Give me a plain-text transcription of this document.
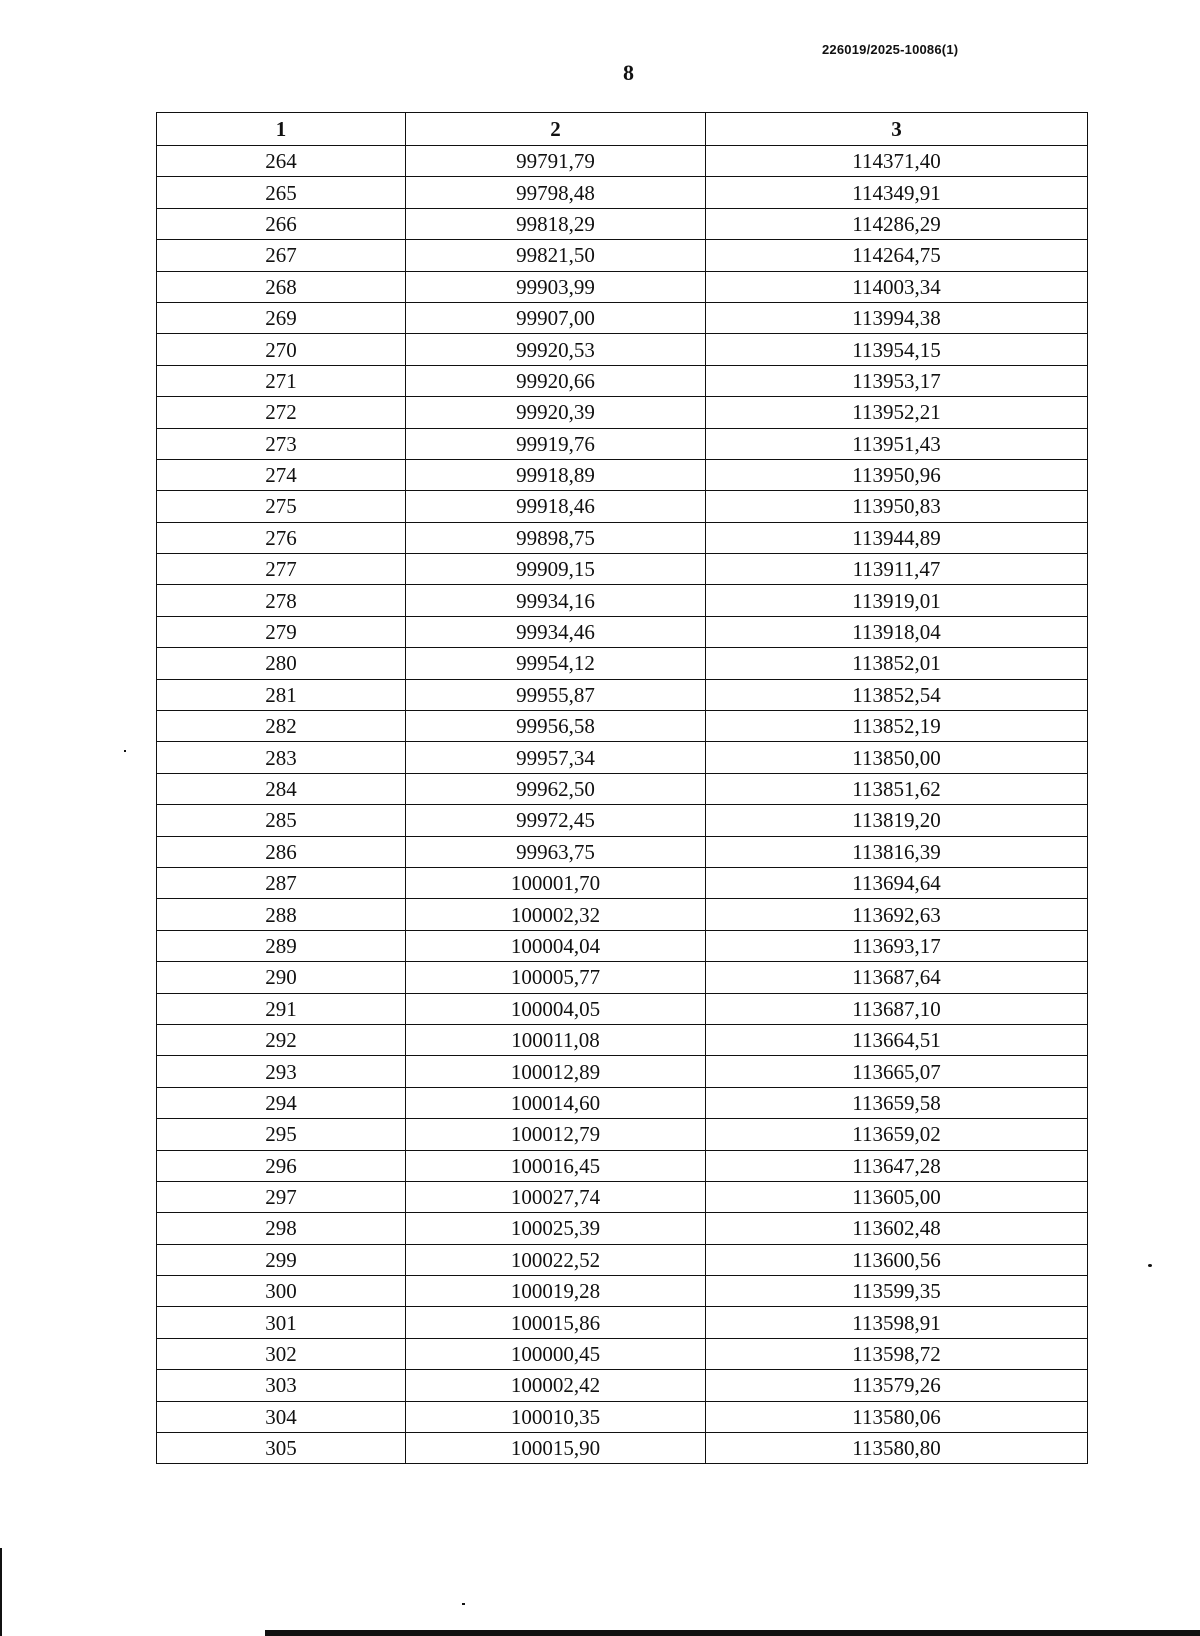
226019/2025-10086(1)
8
1	2	3
264	99791,79	114371,40
265	99798,48	114349,91
266	99818,29	114286,29
267	99821,50	114264,75
268	99903,99	114003,34
269	99907,00	113994,38
270	99920,53	113954,15
271	99920,66	113953,17
272	99920,39	113952,21
273	99919,76	113951,43
274	99918,89	113950,96
275	99918,46	113950,83
276	99898,75	113944,89
277	99909,15	113911,47
278	99934,16	113919,01
279	99934,46	113918,04
280	99954,12	113852,01
281	99955,87	113852,54
282	99956,58	113852,19
283	99957,34	113850,00
284	99962,50	113851,62
285	99972,45	113819,20
286	99963,75	113816,39
287	100001,70	113694,64
288	100002,32	113692,63
289	100004,04	113693,17
290	100005,77	113687,64
291	100004,05	113687,10
292	100011,08	113664,51
293	100012,89	113665,07
294	100014,60	113659,58
295	100012,79	113659,02
296	100016,45	113647,28
297	100027,74	113605,00
298	100025,39	113602,48
299	100022,52	113600,56
300	100019,28	113599,35
301	100015,86	113598,91
302	100000,45	113598,72
303	100002,42	113579,26
304	100010,35	113580,06
305	100015,90	113580,80
